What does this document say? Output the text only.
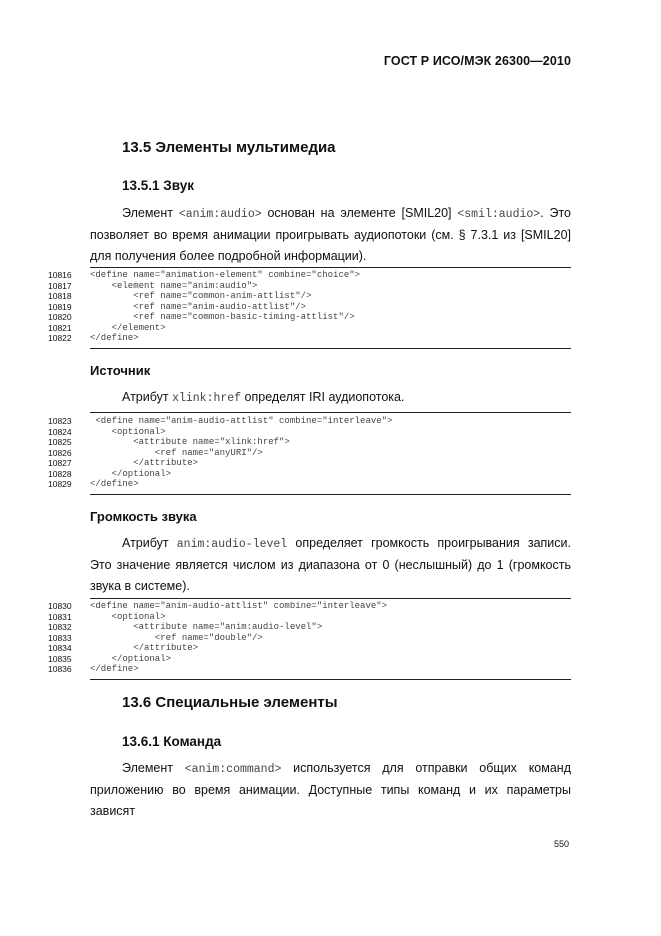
ГОСТ Р ИСО/МЭК 26300—2010
13.5 Элементы мультимедиа
13.5.1 Звук

Элемент <anim:audio> основан на элементе [SMIL20] <smil:audio>. Это позволяет во время анимации проигрывать аудиопотоки (см. § 7.3.1 из [SMIL20] для получения более подробной информации).

10816	<define name="animation-element" combine="choice">
10817	<element name="anim:audio">
10818	<ref name="common-anim-attlist"/>
10819	<ref name="anim-audio-attlist"/>
10820	<ref name="common-basic-timing-attlist"/>
10821	</element>
10822	</define>
Источник

Атрибут xlink:href определят IRI аудиопотока.

10823	<define name="anim-audio-attlist" combine="interleave">
10824	<optional>
10825	<attribute name="xlink:href">
10826	<ref name="anyURI"/>
10827	</attribute>
10828	</optional>
10829	</define>
Громкость звука

Атрибут anim:audio-level определяет громкость проигрывания записи. Это значение является числом из диапазона от 0 (неслышный) до 1 (громкость звука в системе).

10830	<define name="anim-audio-attlist" combine="interleave">
10831	<optional>
10832	<attribute name="anim:audio-level">
10833	<ref name="double"/>
10834	</attribute>
10835	</optional>
10836	</define>
13.6 Специальные элементы
13.6.1 Команда

Элемент <anim:command> используется для отправки общих команд приложению во время анимации. Доступные типы команд и их параметры зависят

550
